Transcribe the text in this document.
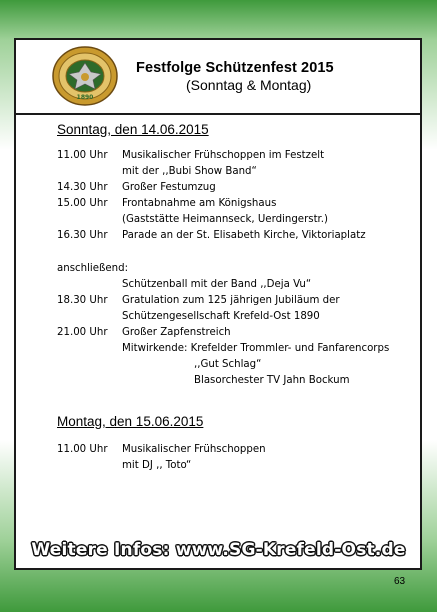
1890
Festfolge Schützenfest 2015
(Sonntag & Montag)
Sonntag, den 14.06.2015
11.00 Uhr Musikalischer Frühschoppen im Festzelt
mit der ,,Bubi Show Band“
14.30 Uhr Großer Festumzug
15.00 Uhr Frontabnahme am Königshaus
(Gaststätte Heimannseck, Uerdingerstr.)
16.30 Uhr Parade an der St. Elisabeth Kirche, Viktoriaplatz
anschließend:
Schützenball mit der Band ,,Deja Vu“
18.30 Uhr Gratulation zum 125 jährigen Jubiläum der
Schützengesellschaft Krefeld-Ost 1890
21.00 Uhr Großer Zapfenstreich
Mitwirkende: Krefelder Trommler- und Fanfarencorps
,,Gut Schlag“
Blasorchester TV Jahn Bockum
Montag, den 15.06.2015
11.00 Uhr Musikalischer Frühschoppen
mit DJ ,, Toto“
Weitere Infos: www.SG-Krefeld-Ost.de
63
